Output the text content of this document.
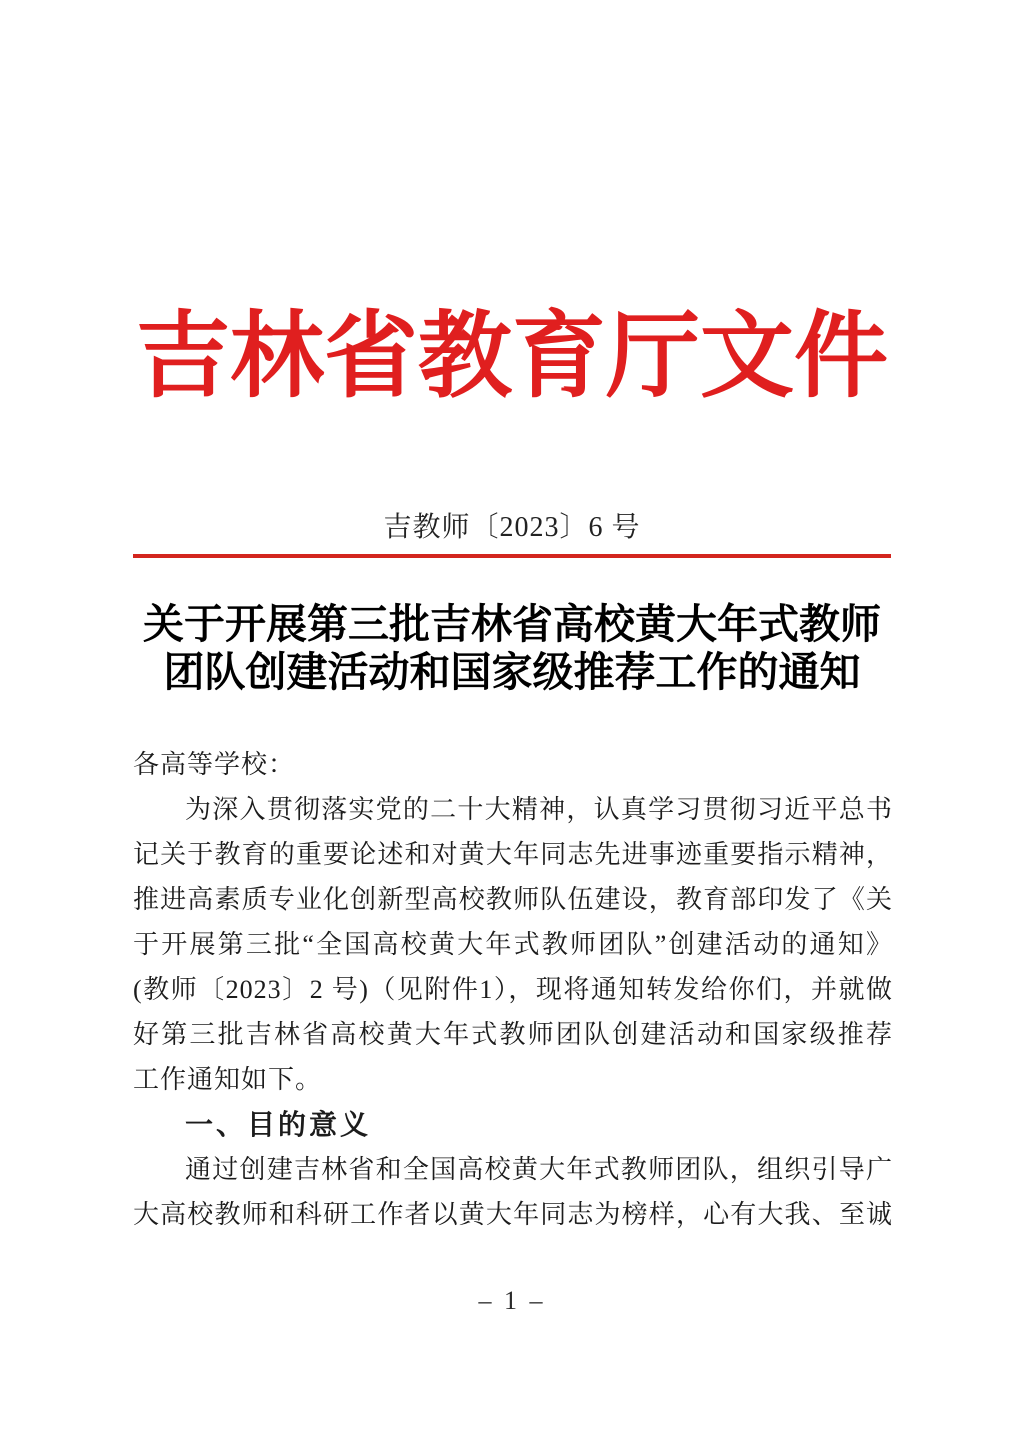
吉林省教育厅文件
吉教师〔2023〕6 号
关于开展第三批吉林省高校黄大年式教师
团队创建活动和国家级推荐工作的通知
各高等学校：
为深入贯彻落实党的二十大精神，认真学习贯彻习近平总书
记关于教育的重要论述和对黄大年同志先进事迹重要指示精神，
推进高素质专业化创新型高校教师队伍建设，教育部印发了《关
于开展第三批“全国高校黄大年式教师团队”创建活动的通知》
(教师〔2023〕2 号)（见附件1），现将通知转发给你们，并就做
好第三批吉林省高校黄大年式教师团队创建活动和国家级推荐
工作通知如下。
一、目的意义
通过创建吉林省和全国高校黄大年式教师团队，组织引导广
大高校教师和科研工作者以黄大年同志为榜样，心有大我、至诚
– 1 –
